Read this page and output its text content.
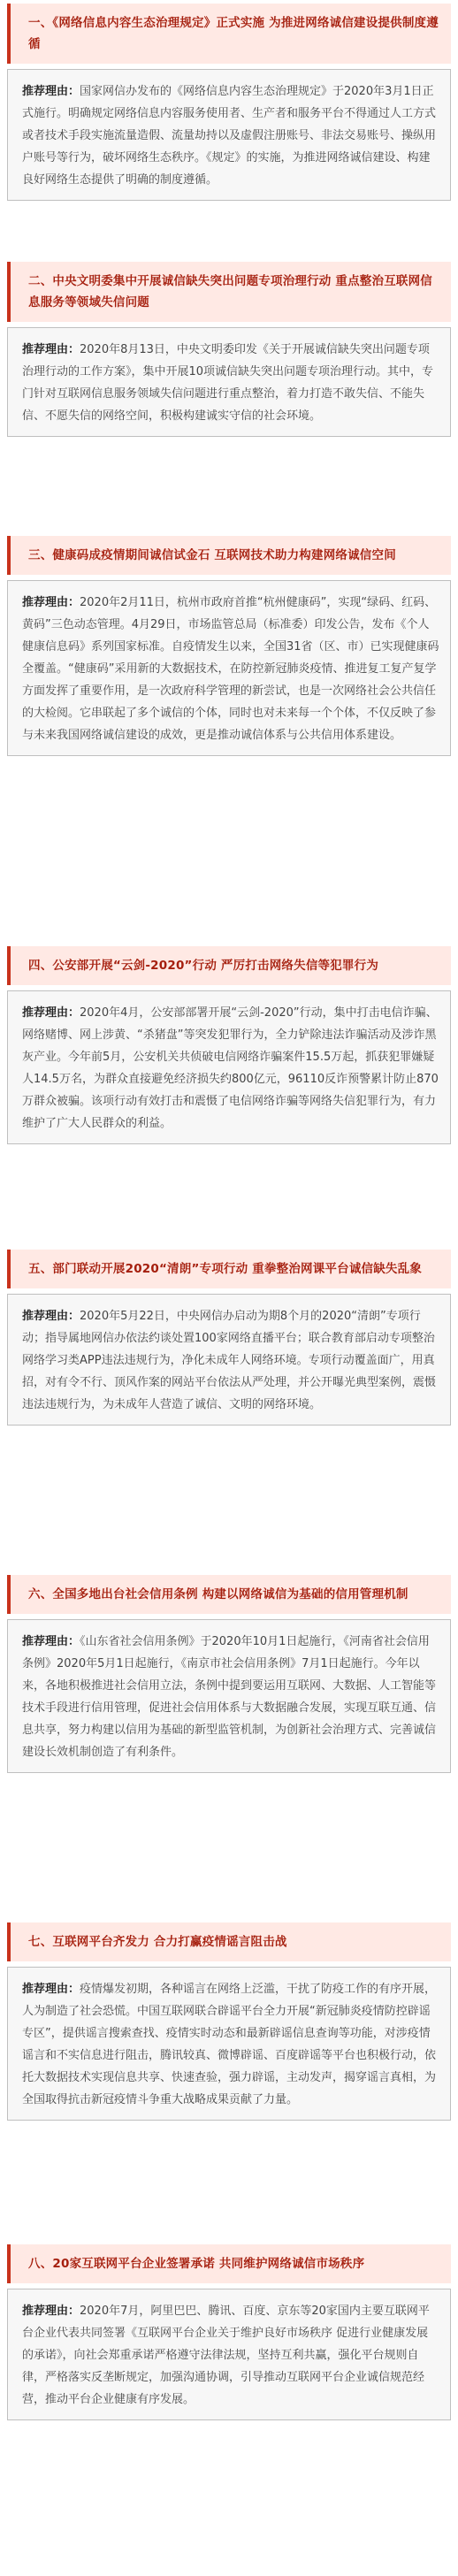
一、《网络信息内容生态治理规定》正式实施 为推进网络诚信建设提供制度遵循
推荐理由：国家网信办发布的《网络信息内容生态治理规定》于2020年3月1日正式施行。明确规定网络信息内容服务使用者、生产者和服务平台不得通过人工方式或者技术手段实施流量造假、流量劫持以及虚假注册账号、非法交易账号、操纵用户账号等行为，破坏网络生态秩序。《规定》的实施，为推进网络诚信建设、构建良好网络生态提供了明确的制度遵循。
二、中央文明委集中开展诚信缺失突出问题专项治理行动 重点整治互联网信息服务等领域失信问题
推荐理由：2020年8月13日，中央文明委印发《关于开展诚信缺失突出问题专项治理行动的工作方案》，集中开展10项诚信缺失突出问题专项治理行动。其中，专门针对互联网信息服务领域失信问题进行重点整治，着力打造不敢失信、不能失信、不愿失信的网络空间，积极构建诚实守信的社会环境。
三、健康码成疫情期间诚信试金石 互联网技术助力构建网络诚信空间
推荐理由：2020年2月11日，杭州市政府首推“杭州健康码”，实现“绿码、红码、黄码”三色动态管理。4月29日，市场监管总局（标准委）印发公告，发布《个人健康信息码》系列国家标准。自疫情发生以来，全国31省（区、市）已实现健康码全覆盖。“健康码”采用新的大数据技术，在防控新冠肺炎疫情、推进复工复产复学方面发挥了重要作用，是一次政府科学管理的新尝试，也是一次网络社会公共信任的大检阅。它串联起了多个诚信的个体，同时也对未来每一个个体，不仅反映了参与未来我国网络诚信建设的成效，更是推动诚信体系与公共信用体系建设。
四、公安部开展“云剑-2020”行动 严厉打击网络失信等犯罪行为
推荐理由：2020年4月，公安部部署开展“云剑-2020”行动，集中打击电信诈骗、网络赌博、网上涉黄、“杀猪盘”等突发犯罪行为，全力铲除违法诈骗活动及涉诈黑灰产业。今年前5月，公安机关共侦破电信网络诈骗案件15.5万起，抓获犯罪嫌疑人14.5万名，为群众直接避免经济损失约800亿元，96110反诈预警累计防止870万群众被骗。该项行动有效打击和震慑了电信网络诈骗等网络失信犯罪行为，有力维护了广大人民群众的利益。
五、部门联动开展2020“清朗”专项行动 重拳整治网课平台诚信缺失乱象
推荐理由：2020年5月22日，中央网信办启动为期8个月的2020“清朗”专项行动；指导属地网信办依法约谈处置100家网络直播平台；联合教育部启动专项整治网络学习类APP违法违规行为，净化未成年人网络环境。专项行动覆盖面广，用真招，对有令不行、顶风作案的网站平台依法从严处理，并公开曝光典型案例，震慑违法违规行为，为未成年人营造了诚信、文明的网络环境。
六、全国多地出台社会信用条例 构建以网络诚信为基础的信用管理机制
推荐理由：《山东省社会信用条例》于2020年10月1日起施行，《河南省社会信用条例》2020年5月1日起施行，《南京市社会信用条例》7月1日起施行。今年以来，各地积极推进社会信用立法，条例中提到要运用互联网、大数据、人工智能等技术手段进行信用管理，促进社会信用体系与大数据融合发展，实现互联互通、信息共享，努力构建以信用为基础的新型监管机制，为创新社会治理方式、完善诚信建设长效机制创造了有利条件。
七、互联网平台齐发力 合力打赢疫情谣言阻击战
推荐理由：疫情爆发初期，各种谣言在网络上泛滥，干扰了防疫工作的有序开展，人为制造了社会恐慌。中国互联网联合辟谣平台全力开展“新冠肺炎疫情防控辟谣专区”，提供谣言搜索查找、疫情实时动态和最新辟谣信息查询等功能，对涉疫情谣言和不实信息进行阻击，腾讯较真、微博辟谣、百度辟谣等平台也积极行动，依托大数据技术实现信息共享、快速查验，强力辟谣，主动发声，揭穿谣言真相，为全国取得抗击新冠疫情斗争重大战略成果贡献了力量。
八、20家互联网平台企业签署承诺 共同维护网络诚信市场秩序
推荐理由：2020年7月，阿里巴巴、腾讯、百度、京东等20家国内主要互联网平台企业代表共同签署《互联网平台企业关于维护良好市场秩序 促进行业健康发展的承诺》，向社会郑重承诺严格遵守法律法规，坚持互利共赢，强化平台规则自律，严格落实反垄断规定，加强沟通协调，引导推动互联网平台企业诚信规范经营，推动平台企业健康有序发展。
